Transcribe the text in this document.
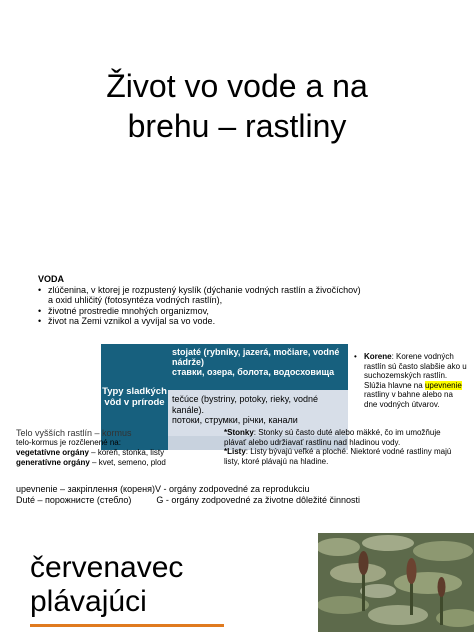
Život vo vode a na
brehu – rastliny
VODA
• zlúčenina, v ktorej je rozpustený kyslík (dýchanie vodných rastlín a živočíchov)
a oxid uhličitý (fotosyntéza vodných rastlín),
• životné prostredie mnohých organizmov,
• život na Zemi vznikol a vyvíjal sa vo vode.
Typy sladkých vôd v prírode
stojaté (rybníky, jazerá, močiare, vodné nádrže)
ставки, озера, болота, водосховища
tečúce (bystriny, potoky, rieky, vodné kanále).
потоки, струмки, річки, канали
• Korene: Korene vodných rastlín sú často slabšie ako u suchozemských rastlín. Slúžia hlavne na upevnenie rastliny v bahne alebo na dne vodných útvarov.
Telo vyšších rastlín – kormus
telo-kormus je rozčlenené na:
vegetatívne orgány – koreň, stonka, listy
generatívne orgány – kvet, semeno, plod
*Stonky: Stonky sú často duté alebo mäkké, čo im umožňuje plávať alebo udržiavať rastlinu nad hladinou vody.
*Listy: Listy bývajú veľké a ploché. Niektoré vodné rastliny majú listy, ktoré plávajú na hladine.
upevnenie – закріплення (кореня)V - orgány zodpovedné za reprodukciu
Duté – порожнисте (стебло)          G - orgány zodpovedné za životne dôležité činnosti
červenavec
plávajúci
